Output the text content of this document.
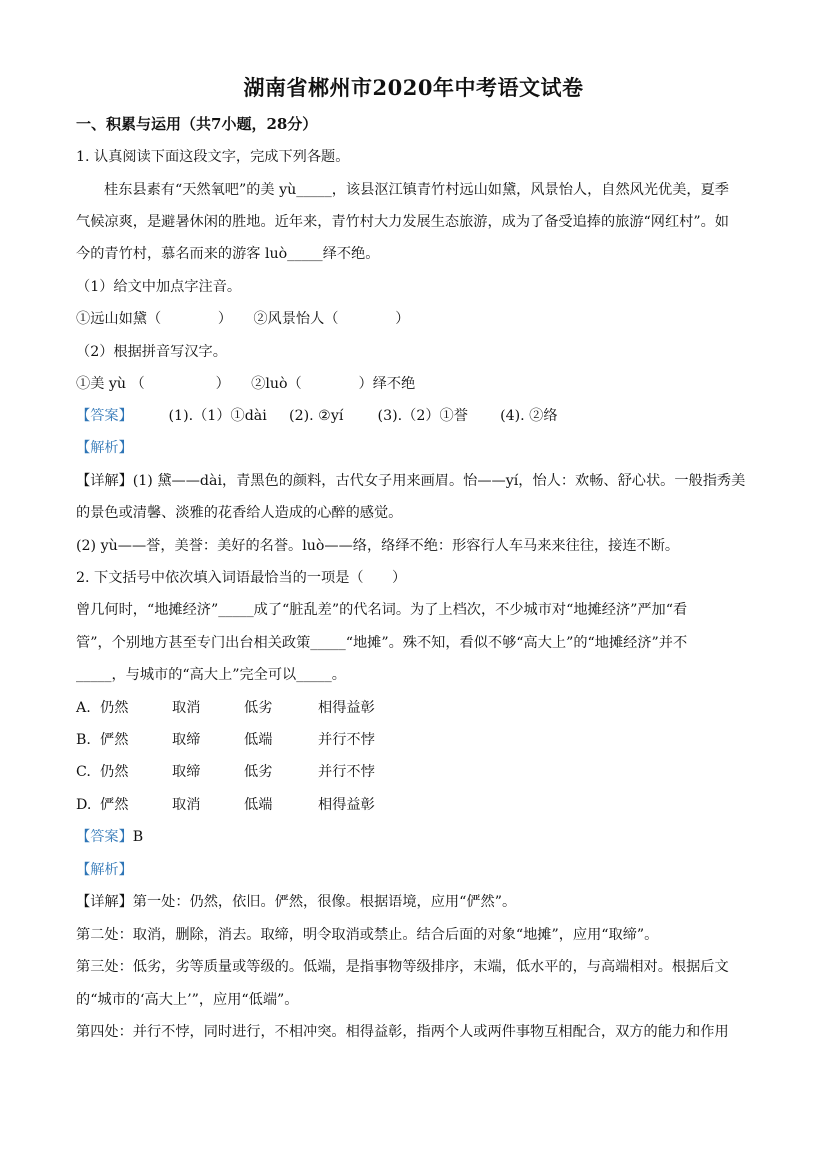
湖南省郴州市2020年中考语文试卷
一、积累与运用（共7小题，28分）
1. 认真阅读下面这段文字，完成下列各题。
桂东县素有“天然氧吧”的美 yù_____，该县沤江镇青竹村远山如黛，风景怡人，自然风光优美，夏季
气候凉爽，是避暑休闲的胜地。近年来，青竹村大力发展生态旅游，成为了备受追捧的旅游“网红村”。如
今的青竹村，慕名而来的游客 luò_____绎不绝。
（1）给文中加点字注音。
①远山如黛（　　　　）　　②风景怡人（　　　　）
（2）根据拼音写汉字。
①美 yù （　　　　　）　　②luò（　　　　）绎不绝
【答案】	(1).（1）①dài (2). ②yí (3).（2）①誉 (4). ②络
【解析】
【详解】(1) 黛——dài，青黑色的颜料，古代女子用来画眉。怡——yí，怡人：欢畅、舒心状。一般指秀美
的景色或清馨、淡雅的花香给人造成的心醉的感觉。
(2) yù——誉，美誉：美好的名誉。luò——络，络绎不绝：形容行人车马来来往往，接连不断。
2. 下文括号中依次填入词语最恰当的一项是（　　）
曾几何时，“地摊经济”_____成了“脏乱差”的代名词。为了上档次，不少城市对“地摊经济”严加“看
管”，个别地方甚至专门出台相关政策_____“地摊”。殊不知，看似不够“高大上”的“地摊经济”并不
_____，与城市的“高大上”完全可以_____。
A. 仍然	取消	低劣	相得益彰
B. 俨然	取缔	低端	并行不悖
C. 仍然	取缔	低劣	并行不悖
D. 俨然	取消	低端	相得益彰
【答案】B
【解析】
【详解】第一处：仍然，依旧。俨然，很像。根据语境，应用“俨然”。
第二处：取消，删除，消去。取缔，明令取消或禁止。结合后面的对象“地摊”，应用“取缔”。
第三处：低劣，劣等质量或等级的。低端，是指事物等级排序，末端，低水平的，与高端相对。根据后文
的“城市的‘高大上’”，应用“低端”。
第四处：并行不悖，同时进行，不相冲突。相得益彰，指两个人或两件事物互相配合，双方的能力和作用
